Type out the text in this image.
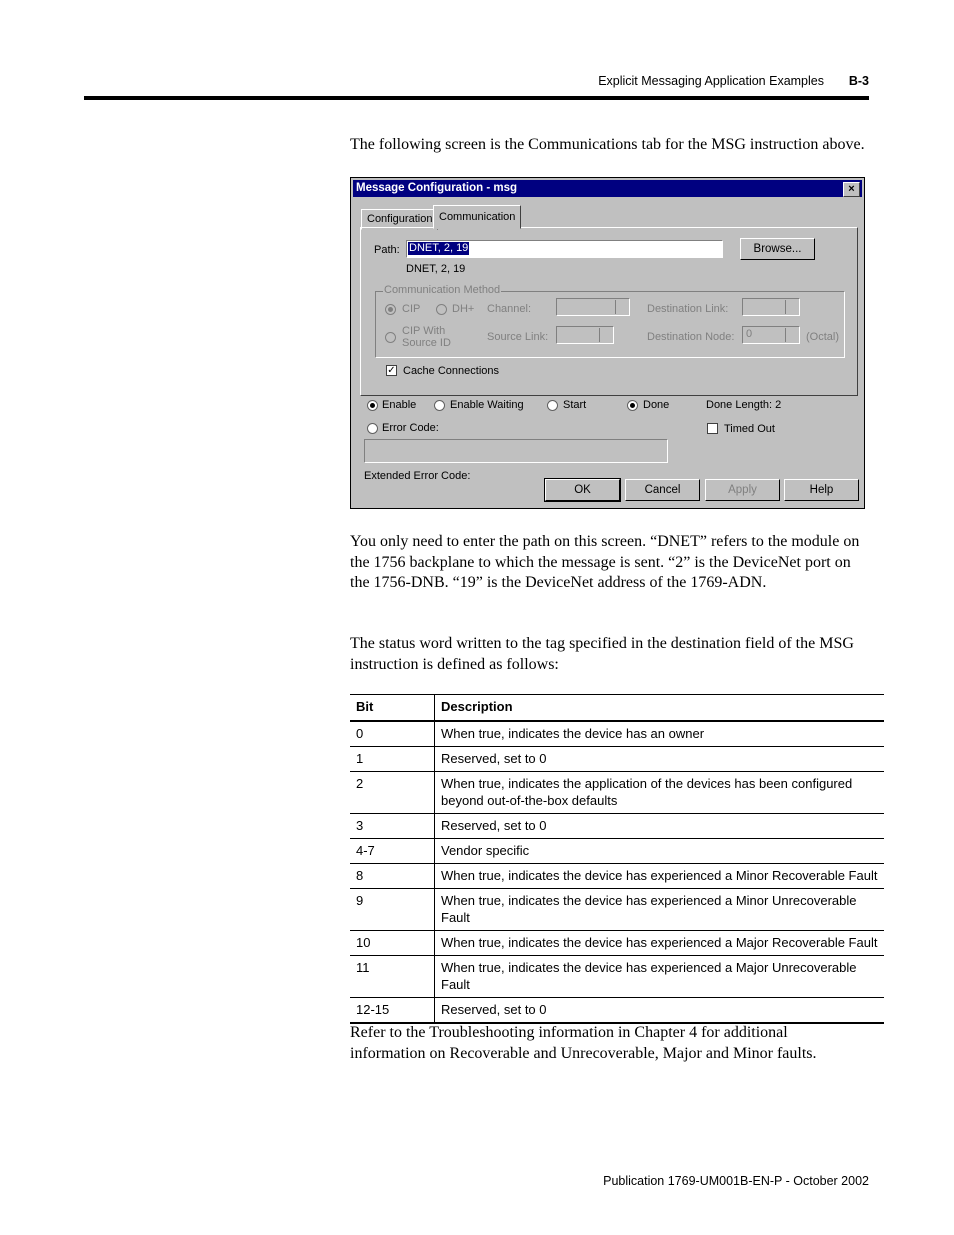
Explicit Messaging Application Examples B-3
The following screen is the Communications tab for the MSG instruction above.
Message Configuration - msg	×
Configuration Communication
Path: DNET, 2, 19	Browse...
DNET, 2, 19
Communication Method
CIP	DH+ Channel:	Destination Link:
CIP With
Source ID	Source Link:	Destination Node: 0	(Octal)
✓ Cache Connections
Enable	Enable Waiting	Start	Done	Done Length: 2
Error Code:	Timed Out
Extended Error Code:
OK	Cancel	Apply	Help
You only need to enter the path on this screen. “DNET” refers to the module on the 1756 backplane to which the message is sent. “2” is the DeviceNet port on the 1756-DNB. “19” is the DeviceNet address of the 1769-ADN.
The status word written to the tag specified in the destination field of the MSG instruction is defined as follows:
Bit	Description
0	When true, indicates the device has an owner
1	Reserved, set to 0
2	When true, indicates the application of the devices has been configured beyond out-of-the-box defaults
3	Reserved, set to 0
4-7	Vendor specific
8	When true, indicates the device has experienced a Minor Recoverable Fault
9	When true, indicates the device has experienced a Minor Unrecoverable Fault
10	When true, indicates the device has experienced a Major Recoverable Fault
11	When true, indicates the device has experienced a Major Unrecoverable Fault
12-15	Reserved, set to 0
Refer to the Troubleshooting information in Chapter 4 for additional information on Recoverable and Unrecoverable, Major and Minor faults.
Publication 1769-UM001B-EN-P - October 2002
